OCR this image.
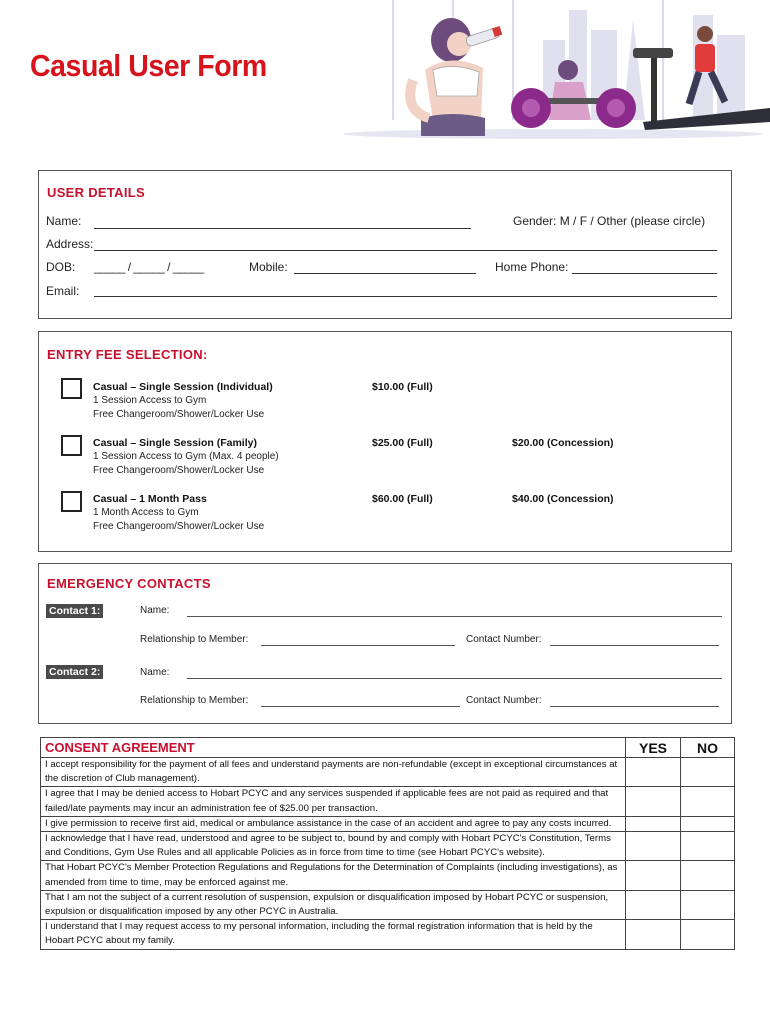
Casual User Form
USER DETAILS
Name:	Gender: M / F / Other (please circle)
Address:
DOB: _____ / _____ / _____	Mobile:	Home Phone:
Email:
ENTRY FEE SELECTION:
Casual – Single Session (Individual)
1 Session Access to Gym
Free Changeroom/Shower/Locker Use
$10.00 (Full)
Casual – Single Session (Family)
1 Session Access to Gym (Max. 4 people)
Free Changeroom/Shower/Locker Use
$25.00 (Full)	$20.00 (Concession)
Casual – 1 Month Pass
1 Month Access to Gym
Free Changeroom/Shower/Locker Use
$60.00 (Full)	$40.00 (Concession)
EMERGENCY CONTACTS
Contact 1:	Name:
Relationship to Member:	Contact Number:
Contact 2:	Name:
Relationship to Member:	Contact Number:
CONSENT AGREEMENT	YES	NO
I accept responsibility for the payment of all fees and understand payments are non-refundable (except in exceptional circumstances at the discretion of Club management).		
I agree that I may be denied access to Hobart PCYC and any services suspended if applicable fees are not paid as required and that failed/late payments may incur an administration fee of $25.00 per transaction.		
I give permission to receive first aid, medical or ambulance assistance in the case of an accident and agree to pay any costs incurred.		
I acknowledge that I have read, understood and agree to be subject to, bound by and comply with Hobart PCYC's Constitution, Terms and Conditions, Gym Use Rules and all applicable Policies as in force from time to time (see Hobart PCYC's website).		
That Hobart PCYC's Member Protection Regulations and Regulations for the Determination of Complaints (including investigations), as amended from time to time, may be enforced against me.		
That I am not the subject of a current resolution of suspension, expulsion or disqualification imposed by Hobart PCYC or suspension, expulsion or disqualification imposed by any other PCYC in Australia.		
I understand that I may request access to my personal information, including the formal registration information that is held by the Hobart PCYC about my family.		
